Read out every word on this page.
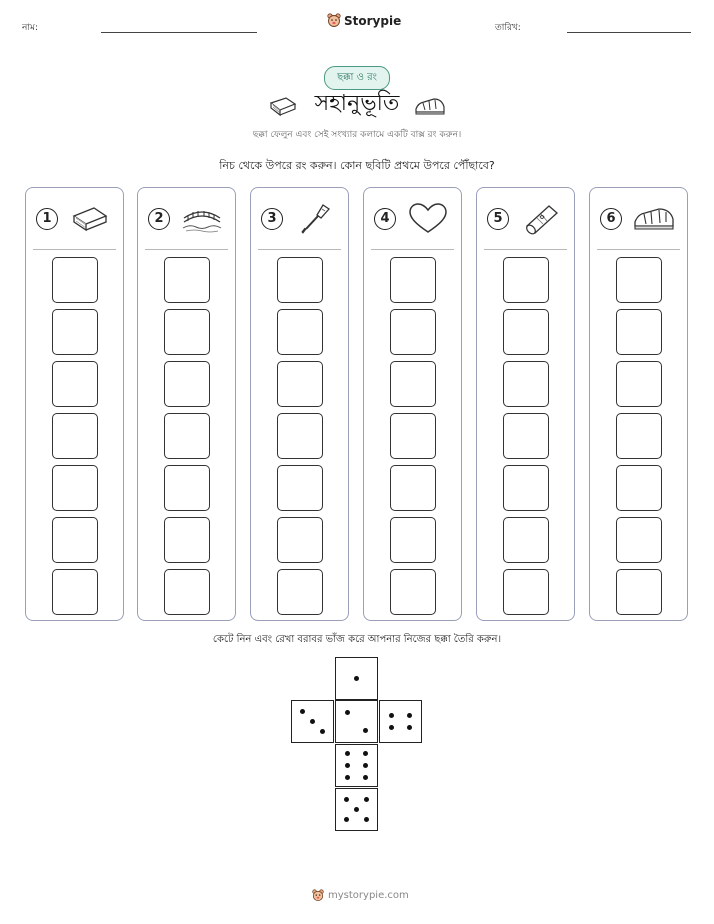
নাম:
Storypie
তারিখ:
ছক্কা ও রং
সহানুভূতি
ছক্কা ফেলুন এবং সেই সংখ্যার কলামে একটি বাক্স রং করুন।
নিচ থেকে উপরে রং করুন। কোন ছবিটি প্রথমে উপরে পৌঁছাবে?
1	2	3	4	5	6
কেটে নিন এবং রেখা বরাবর ভাঁজ করে আপনার নিজের ছক্কা তৈরি করুন।
mystorypie.com
